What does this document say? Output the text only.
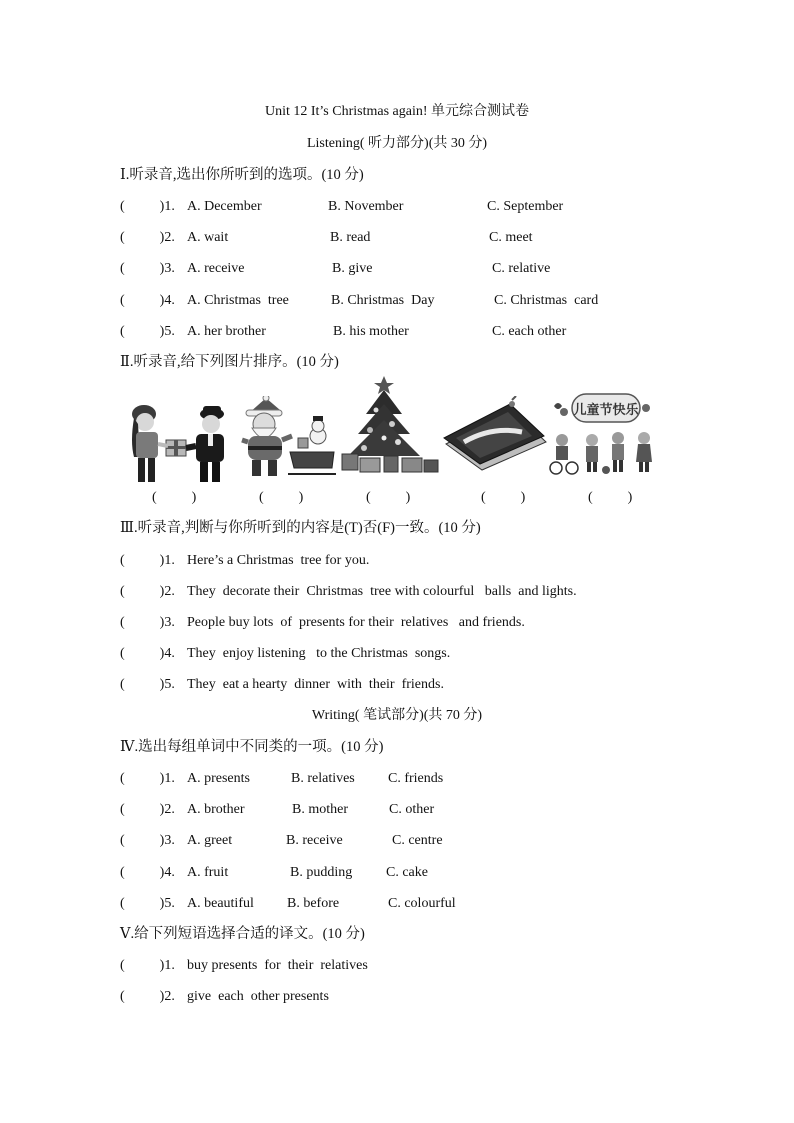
Unit 12 It’s Christmas again! 单元综合测试卷
Listening( 听力部分)(共 30 分)
Ⅰ.听录音,选出你所听到的选项。(10 分)
(          )1. A. December	B. November	C. September
(          )2. A. wait	B. read	C. meet
(          )3. A. receive	B. give	C. relative
(          )4. A. Christmas  tree	B. Christmas  Day	C. Christmas  card
(          )5. A. her brother	B. his mother	C. each other
Ⅱ.听录音,给下列图片排序。(10 分)
儿童节快乐
(          )	(          )	(          )	(          )	(          )
Ⅲ.听录音,判断与你所听到的内容是(T)否(F)一致。(10 分)
(          )1. Here’s a Christmas  tree for you.
(          )2. They  decorate their  Christmas  tree with colourful   balls  and lights.
(          )3. People buy lots  of  presents for their  relatives   and friends.
(          )4. They  enjoy listening   to the Christmas  songs.
(          )5. They  eat a hearty  dinner  with  their  friends.
Writing( 笔试部分)(共 70 分)
Ⅳ.选出每组单词中不同类的一项。(10 分)
(          )1. A. presents	B. relatives C. friends
(          )2. A. brother	B. mother	C. other
(          )3. A. greet	B. receive	C. centre
(          )4. A. fruit	B. pudding C. cake
(          )5. A. beautiful B. before	C. colourful
Ⅴ.给下列短语选择合适的译文。(10 分)
(          )1. buy presents  for  their  relatives
(          )2. give  each  other presents
